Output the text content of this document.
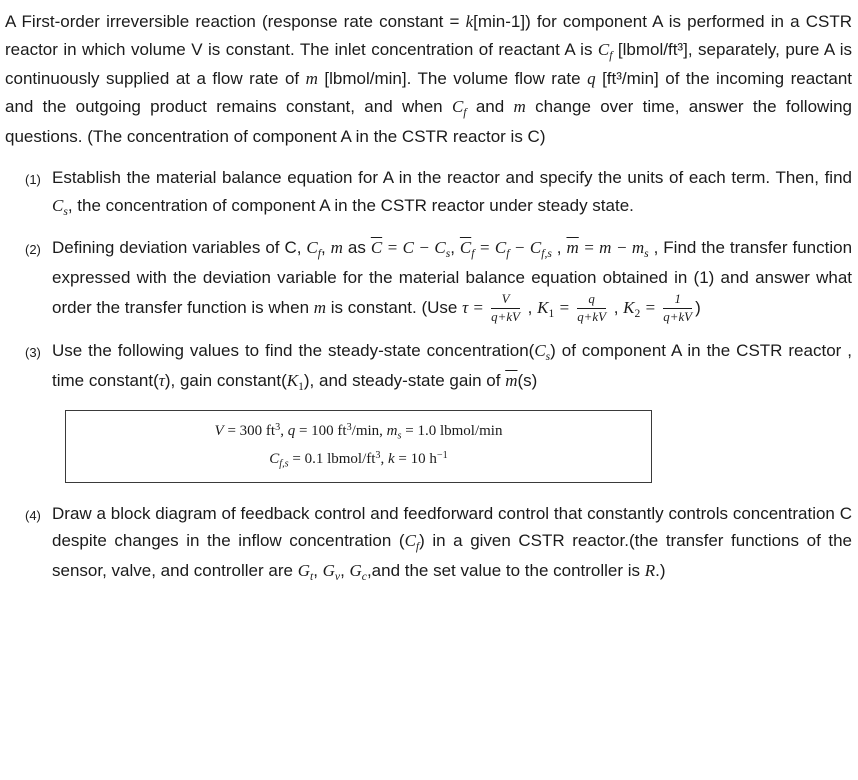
A First-order irreversible reaction (response rate constant = k[min-1]) for component A is performed in a CSTR reactor in which volume V is constant. The inlet concentration of reactant A is $C_f$ [lbmol/ft³], separately, pure A is continuously supplied at a flow rate of m [lbmol/min]. The volume flow rate q [ft³/min] of the incoming reactant and the outgoing product remains constant, and when $C_f$ and m change over time, answer the following questions. (The concentration of component A in the CSTR reactor is C)

(1) Establish the material balance equation for A in the reactor and specify the units of each term. Then, find $C_s$, the concentration of component A in the CSTR reactor under steady state.
(2) Defining deviation variables of C, $C_f$, m as $\overline{C} = C - C_s$, $\overline{C}_f = C_f - C_{f,s}$ , $\overline{m} = m - m_s$ , Find the transfer function expressed with the deviation variable for the material balance equation obtained in (1) and answer what order the transfer function is when m is constant. (Use $\tau = \frac{V}{q+kV}$ , $K_1 = \frac{q}{q+kV}$ , $K_2 = \frac{1}{q+kV}$ )
(3) Use the following values to find the steady-state $concentration(C_s)$ of component A in the CSTR reactor , time constant(τ), gain $constant(K_1)$, and steady-state gain of $\overline{m}(s)$
V = 300 $ft^3$, q = 100 $ft^3/\min$, $m_s = 1.0$ lbmol/min
$C_{f,s} = 0.1$ lbmol/$ft^3$, k = 10 $h^{-1}$
(4) Draw a block diagram of feedback control and feedforward control that constantly controls concentration C despite changes in the inflow concentration $(C_f)$ in a given CSTR reactor.(the transfer functions of the sensor, valve, and controller are $G_t$, $G_v$, $G_c,and$ the set value to the controller is R.)
